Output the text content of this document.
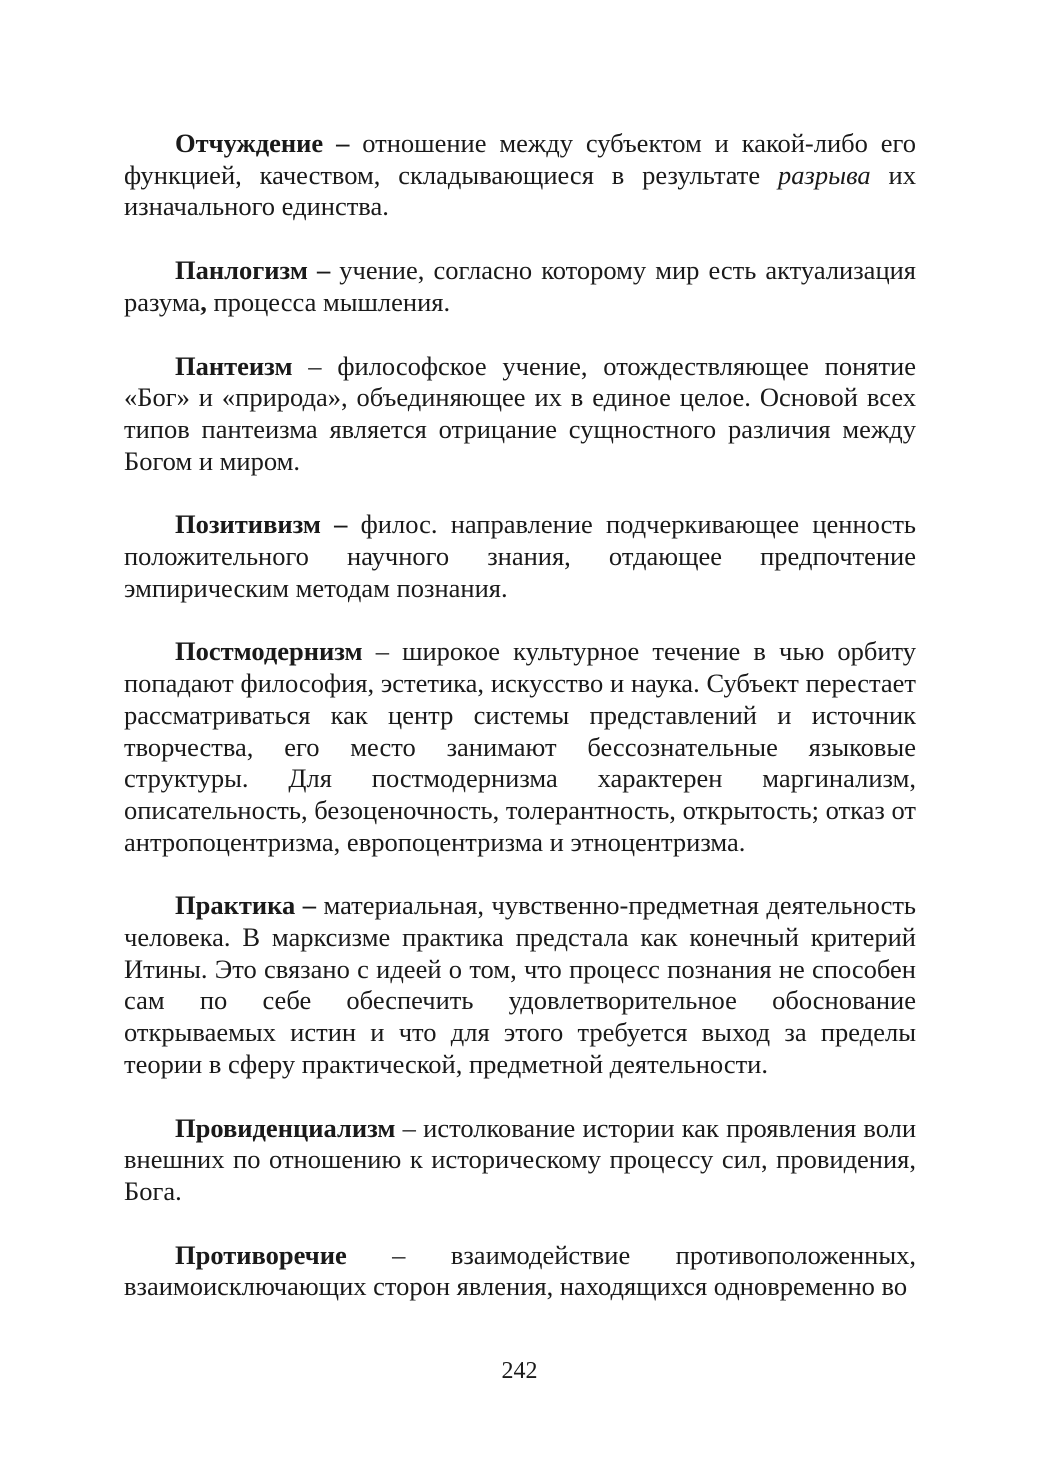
Отчуждение – отношение между субъектом и какой-либо его функцией, качеством, складывающиеся в результате разрыва их изначального единства.

Панлогизм – учение, согласно которому мир есть актуализация разума, процесса мышления.

Пантеизм – философское учение, отождествляющее понятие «Бог» и «природа», объединяющее их в единое целое. Основой всех типов пантеизма является отрицание сущностного различия между Богом и миром.

Позитивизм – филос. направление подчеркивающее ценность положительного научного знания, отдающее предпочтение эмпирическим методам познания.

Постмодернизм – широкое культурное течение в чью орбиту попадают философия, эстетика, искусство и наука. Субъект перестает рассматриваться как центр системы представлений и источник творчества, его место занимают бессознательные языковые структуры. Для постмодернизма характерен маргинализм, описательность, безоценочность, толерантность, открытость; отказ от антропоцентризма, европоцентризма и этноцентризма.

Практика – материальная, чувственно-предметная деятельность человека. В марксизме практика предстала как конечный критерий Итины. Это связано с идеей о том, что процесс познания не способен сам по себе обеспечить удовлетворительное обоснование открываемых истин и что для этого требуется выход за пределы теории в сферу практической, предметной деятельности.

Провиденциализм – истолкование истории как проявления воли внешних по отношению к историческому процессу сил, провидения, Бога.

Противоречие – взаимодействие противоположенных, взаимоисключающих сторон явления, находящихся одновременно во

242
